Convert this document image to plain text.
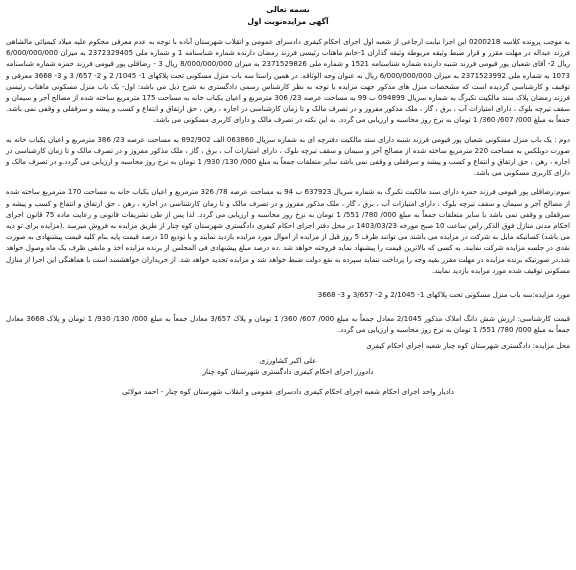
بسمه تعالی
آگهی مزایده‌نوبت اول

به موجب پرونده کلاسه 0200218 این اجرا نیابت ارجاعی از شعبه اول اجرای احکام کیفری دادسرای عمومی و انقلاب شهرستان آباده با توجه به عدم معرفی محکوم علیه میلاد کیمیائی مالشاهی فرزند عبداله در مهلت مقرر و قرار ضبط وثیقه مربوطه وثیقه گذاران 1-خانم ماهتاب رئیسی فرزند رمضان دارنده شماره شناسنامه 1 و شماره ملی 2372329405 به میزان 6/000/000/000 ریال 2- آقای شعبان پور قیومی فرزند شنبه دارنده شماره شناسنامه 1521 و شماره ملی 2371529826 به میزان 8/000/000/000 ریال 3 - رضاقلی پور قیومی فرزند حمزه شماره شناسنامه 1073 به شماره ملی 2371523992 به میزان 6/000/000/000 ریال به عنوان وجه الوثاقه. در همین راستا سه باب منزل مسکونی تحت پلاکهای 1- 1045/ 2 و 2- 657/ 3 و 3- 3668 معرفی و توقیف و کارشناسی گردیده است که مشخصات منزل های مذکور جهت مزایده با توجه به نظر کارشناس رسمی دادگستری به شرح ذیل می باشد: اول- یک باب منزل مسکونی ماهتاب رئیسی فرزند رمضان پلاک سند مالکیت نکبرگ به شماره سریال 094899 ب 99 به مساحت عرصه 23/ 306 مترمربع و اعیان یکباب خانه به مساحت 175 مترمربع ساخته شده از مصالح آجر و سیمان و سقف تیرچه بلوک ، دارای امتیازات آب ، برق ، گاز ، ملک مذکور مفروز و در تصرف مالک و تا زمان کارشناسی در اجاره ، رهن ، حق ارتفاق و انتفاع و کسب و پیشه و سرقفلی و وقفی نمی باشد. جمعاً به مبلغ 000/ 607/ 360/ 1 تومان به نرخ روز محاسبه و ارزیابی می گردد. به این نکته در تصرف مالک و دارای کاربری مسکونی می باشد.

دوم : یک باب منزل مسکونی شعبان پور قیومی فرزند شنبه دارای سند مالکیت دفترچه ای به شماره سریال 063860 الف 892/902 به مساحت عرصه 23/ 386 مترمربع و اعیان یکباب خانه به صورت دوبلکس به مساحت 220 مترمربع ساخته شده از مصالح آجر و سیمان و سقف تیرچه بلوک ، دارای امتیازات آب ، برق ، گاز ، ملک مذکور مفروز و در تصرف مالک و تا زمان کارشناسی در اجاره ، رهن ، حق ارتفاق و انتفاع و کسب و پیشه و سرقفلی و وقفی نمی باشد سایر متعلقات جمعاً به مبلغ 000/ 130/ 930/ 1 تومان به نرخ روز محاسبه و ارزیابی می گردد.و در تصرف مالک و دارای کاربری مسکونی می باشد.

سوم:رضاقلی پور قیومی فرزند حمزه دارای سند مالکیت تکبرگ به شماره سریال 637923 ب 94 به مساحت عرصه 78/ 326 مترمربع و اعیان یکباب خانه به مساحت 170 مترمربع ساخته شده از مصالح آجر و سیمان و سقف تیرچه بلوک ، دارای امتیازات آب ، برق ، گاز ، ملک مذکور مفروز و در تصرف مالک و تا زمان کارشناسی در اجاره ، رهن ، حق ارتفاق و انتفاع و کسب و پیشه و سرقفلی و وقفی نمی باشد با سایر متعلقات جمعاً به مبلغ 000/ 780/ 551/ 1 تومان به نرخ روز محاسبه و ارزیابی می گردد. لذا پس از طی تشریفات قانونی و رعایت ماده 75 قانون اجرای احکام مدنی منازل فوق الذکر راس ساعت 10 صبح مورخه 1403/03/23 در محل دفتر اجرای احکام کیفری دادگستری شهرستان کوه چنار از طریق مزایده به فروش میرسد .(مزایده برای تو دیه می باشد) کسانیکه مایل به شرکت در مزایده می باشند می توانند ظرف 5 روز قبل از مزایده از اموال مورد مزایده بازدید نمایند و با تودیع 10 درصد قیمت پایه بنام کلیه قیمت پیشنهادی به صورت نقدی در جلسه مزایده شرکت نمایند. به کسی که بالاترین قیمت را پیشنهاد نماید فروخته خواهد شد .ده درصد مبلغ پیشنهادی فی المجلس از برنده مزایده اخذ و مابقی ظرف یک ماه وصول خواهد شد.در صورتیکه برنده مزایده در مهلت مقرر بقیه وجه را پرداخت ننماید سپرده به نفع دولت ضبط خواهد شد و مزایده تجدید خواهد شد. از خریداران خواهشمند است با هماهنگی این اجرا از منازل مسکونی توقیف شده مورد مزایده بازدید نمایند.

مورد مزایده:سه باب منزل مسکونی تحت پلاکهای 1- 2/1045 و 2- 3/657 و 3- 3668

قیمت کارشناسی: ارزش شش دانگ املاک مذکور 2/1045 معادل جمعاً به مبلغ 000/ 607/ 360/ 1 تومان و پلاک 3/657 معادل جمعاً به مبلغ 000/ 130/ 930/ 1 تومان و پلاک 3668 معادل جمعاً به مبلغ 000/ 780/ 551/ 1 تومان به نرخ روز محاسبه و ارزیابی می گردد.

محل مزایده: دادگستری شهرستان کوه چنار شعبه اجرای احکام کیفری

علی اکبر کشاورزی
دادورز اجرای احکام کیفری دادگستری شهرستان کوه چنار
دادیار واحد اجرای احکام شعبه اجرای احکام کیفری دادسرای عمومی و انقلاب شهرستان کوه چنار - احمد مولائی
